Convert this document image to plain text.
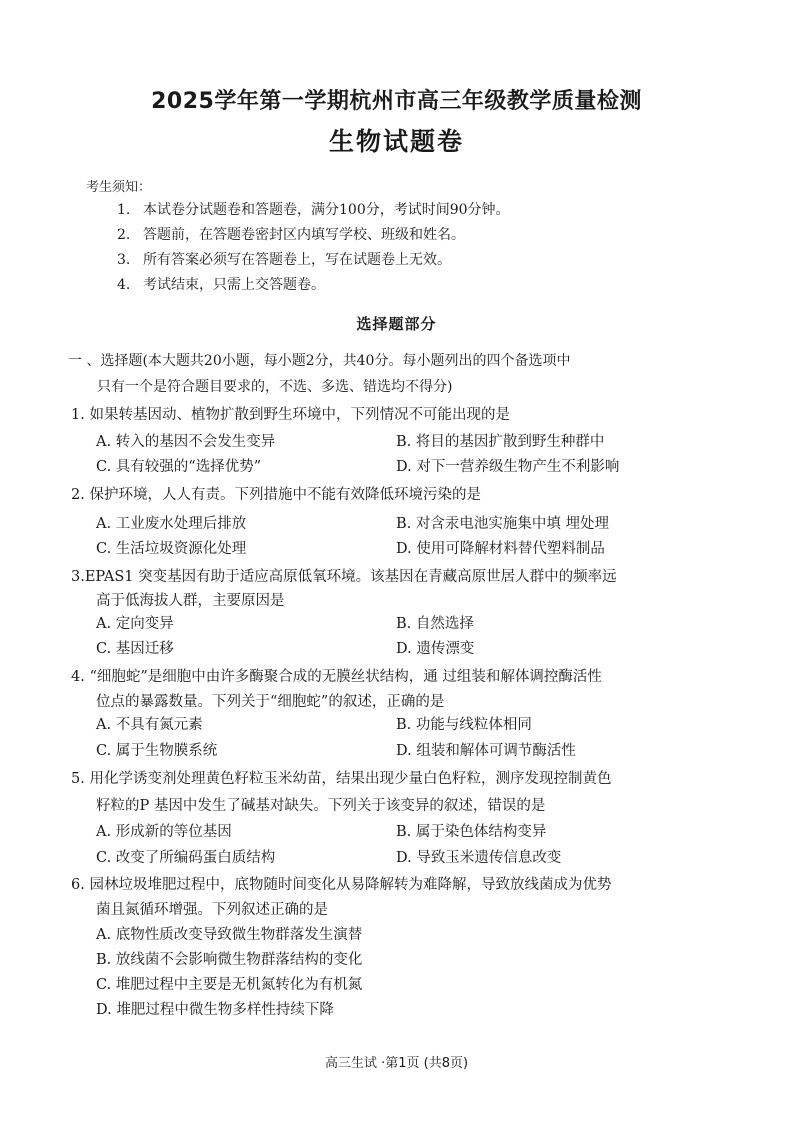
2025学年第一学期杭州市高三年级教学质量检测
生物试题卷
考生须知：
1. 本试卷分试题卷和答题卷，满分100分，考试时间90分钟。
2. 答题前，在答题卷密封区内填写学校、班级和姓名。
3. 所有答案必须写在答题卷上，写在试题卷上无效。
4. 考试结束，只需上交答题卷。
选择题部分
一 、选择题(本大题共20小题，每小题2分，共40分。每小题列出的四个备选项中
只有一个是符合题目要求的，不选、多选、错选均不得分)
1. 如果转基因动、植物扩散到野生环境中，下列情况不可能出现的是
A. 转入的基因不会发生变异	B. 将目的基因扩散到野生种群中
C. 具有较强的“选择优势”	D. 对下一营养级生物产生不利影响
2. 保护环境，人人有责。下列措施中不能有效降低环境污染的是
A. 工业废水处理后排放	B. 对含汞电池实施集中填 埋处理
C. 生活垃圾资源化处理	D. 使用可降解材料替代塑料制品
3.EPAS1 突变基因有助于适应高原低氧环境。该基因在青藏高原世居人群中的频率远
高于低海拔人群，主要原因是
A. 定向变异	B. 自然选择
C. 基因迁移	D. 遗传漂变
4. “细胞蛇”是细胞中由许多酶聚合成的无膜丝状结构，通 过组装和解体调控酶活性
位点的暴露数量。下列关于“细胞蛇”的叙述，正确的是
A. 不具有氮元素	B. 功能与线粒体相同
C. 属于生物膜系统	D. 组装和解体可调节酶活性
5. 用化学诱变剂处理黄色籽粒玉米幼苗，结果出现少量白色籽粒，测序发现控制黄色
籽粒的P 基因中发生了碱基对缺失。下列关于该变异的叙述，错误的是
A. 形成新的等位基因	B. 属于染色体结构变异
C. 改变了所编码蛋白质结构	D. 导致玉米遗传信息改变
6. 园林垃圾堆肥过程中，底物随时间变化从易降解转为难降解，导致放线菌成为优势
菌且氮循环增强。下列叙述正确的是
A. 底物性质改变导致微生物群落发生演替
B. 放线菌不会影响微生物群落结构的变化
C. 堆肥过程中主要是无机氮转化为有机氮
D. 堆肥过程中微生物多样性持续下降
高三生试 ·第1页 (共8页)
